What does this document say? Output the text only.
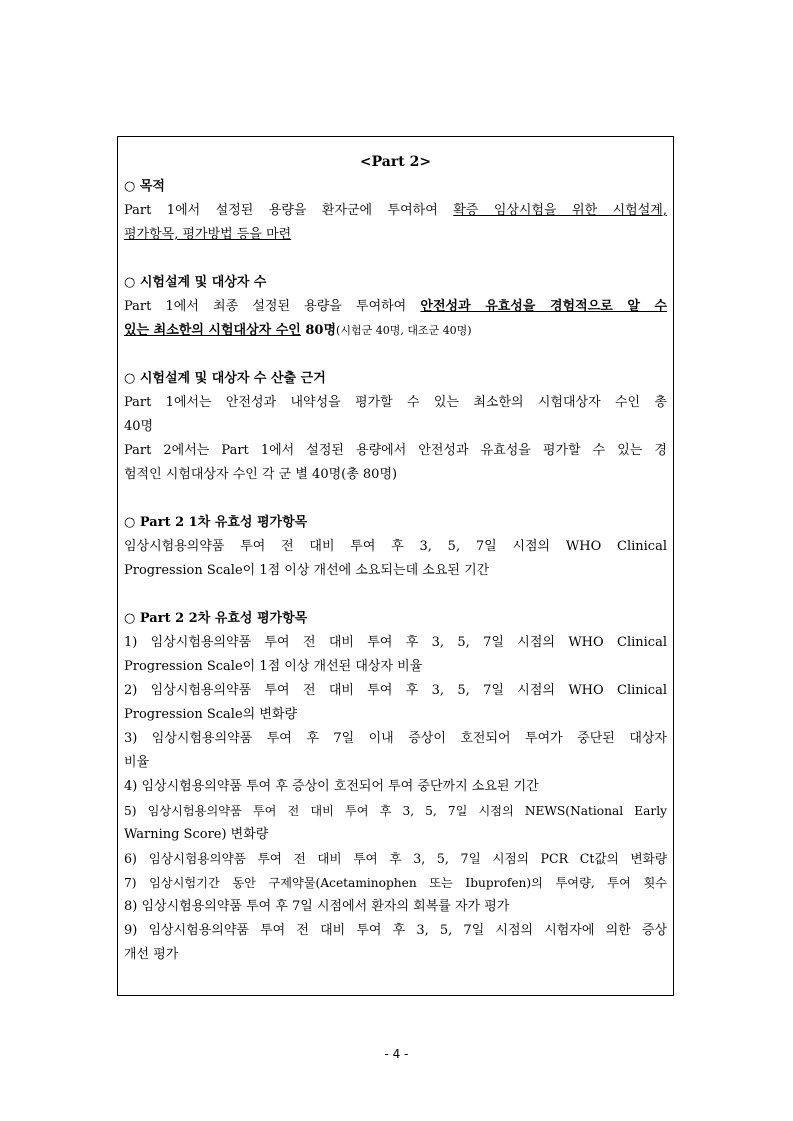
<Part 2>

○ 목적

Part 1에서 설정된 용량을 환자군에 투여하여 확증 임상시험을 위한 시험설계,

평가항목, 평가방법 등을 마련

○ 시험설계 및 대상자 수

Part 1에서 최종 설정된 용량을 투여하여 안전성과 유효성을 경험적으로 알 수

있는 최소한의 시험대상자 수인 80명(시험군 40명, 대조군 40명)

○ 시험설계 및 대상자 수 산출 근거

Part 1에서는 안전성과 내약성을 평가할 수 있는 최소한의 시험대상자 수인 총

40명

Part 2에서는 Part 1에서 설정된 용량에서 안전성과 유효성을 평가할 수 있는 경

험적인 시험대상자 수인 각 군 별 40명(총 80명)

○ Part 2 1차 유효성 평가항목

임상시험용의약품 투여 전 대비 투여 후 3, 5, 7일 시점의 WHO Clinical

Progression Scale이 1점 이상 개선에 소요되는데 소요된 기간

○ Part 2 2차 유효성 평가항목

1) 임상시험용의약품 투여 전 대비 투여 후 3, 5, 7일 시점의 WHO Clinical

Progression Scale이 1점 이상 개선된 대상자 비율

2) 임상시험용의약품 투여 전 대비 투여 후 3, 5, 7일 시점의 WHO Clinical

Progression Scale의 변화량

3) 임상시험용의약품 투여 후 7일 이내 증상이 호전되어 투여가 중단된 대상자

비율

4) 임상시험용의약품 투여 후 증상이 호전되어 투여 중단까지 소요된 기간

5) 임상시험용의약품 투여 전 대비 투여 후 3, 5, 7일 시점의 NEWS(National Early

Warning Score) 변화량

6) 임상시험용의약품 투여 전 대비 투여 후 3, 5, 7일 시점의 PCR Ct값의 변화량

7) 임상시험기간 동안 구제약물(Acetaminophen 또는 Ibuprofen)의 투여량, 투여 횟수

8) 임상시험용의약품 투여 후 7일 시점에서 환자의 회복률 자가 평가

9) 임상시험용의약품 투여 전 대비 투여 후 3, 5, 7일 시점의 시험자에 의한 증상

개선 평가

- 4 -
